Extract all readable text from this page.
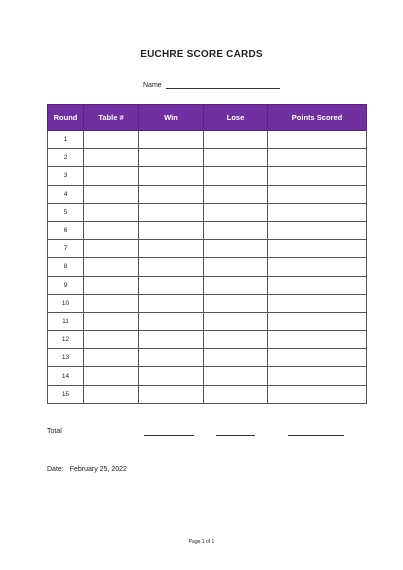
EUCHRE SCORE CARDS
Name
Round	Table #	Win	Lose	Points Scored
1				
2				
3				
4				
5				
6				
7				
8				
9				
10				
11				
12				
13				
14				
15				
Total
Date: February 25, 2022
Page 1 of 1
